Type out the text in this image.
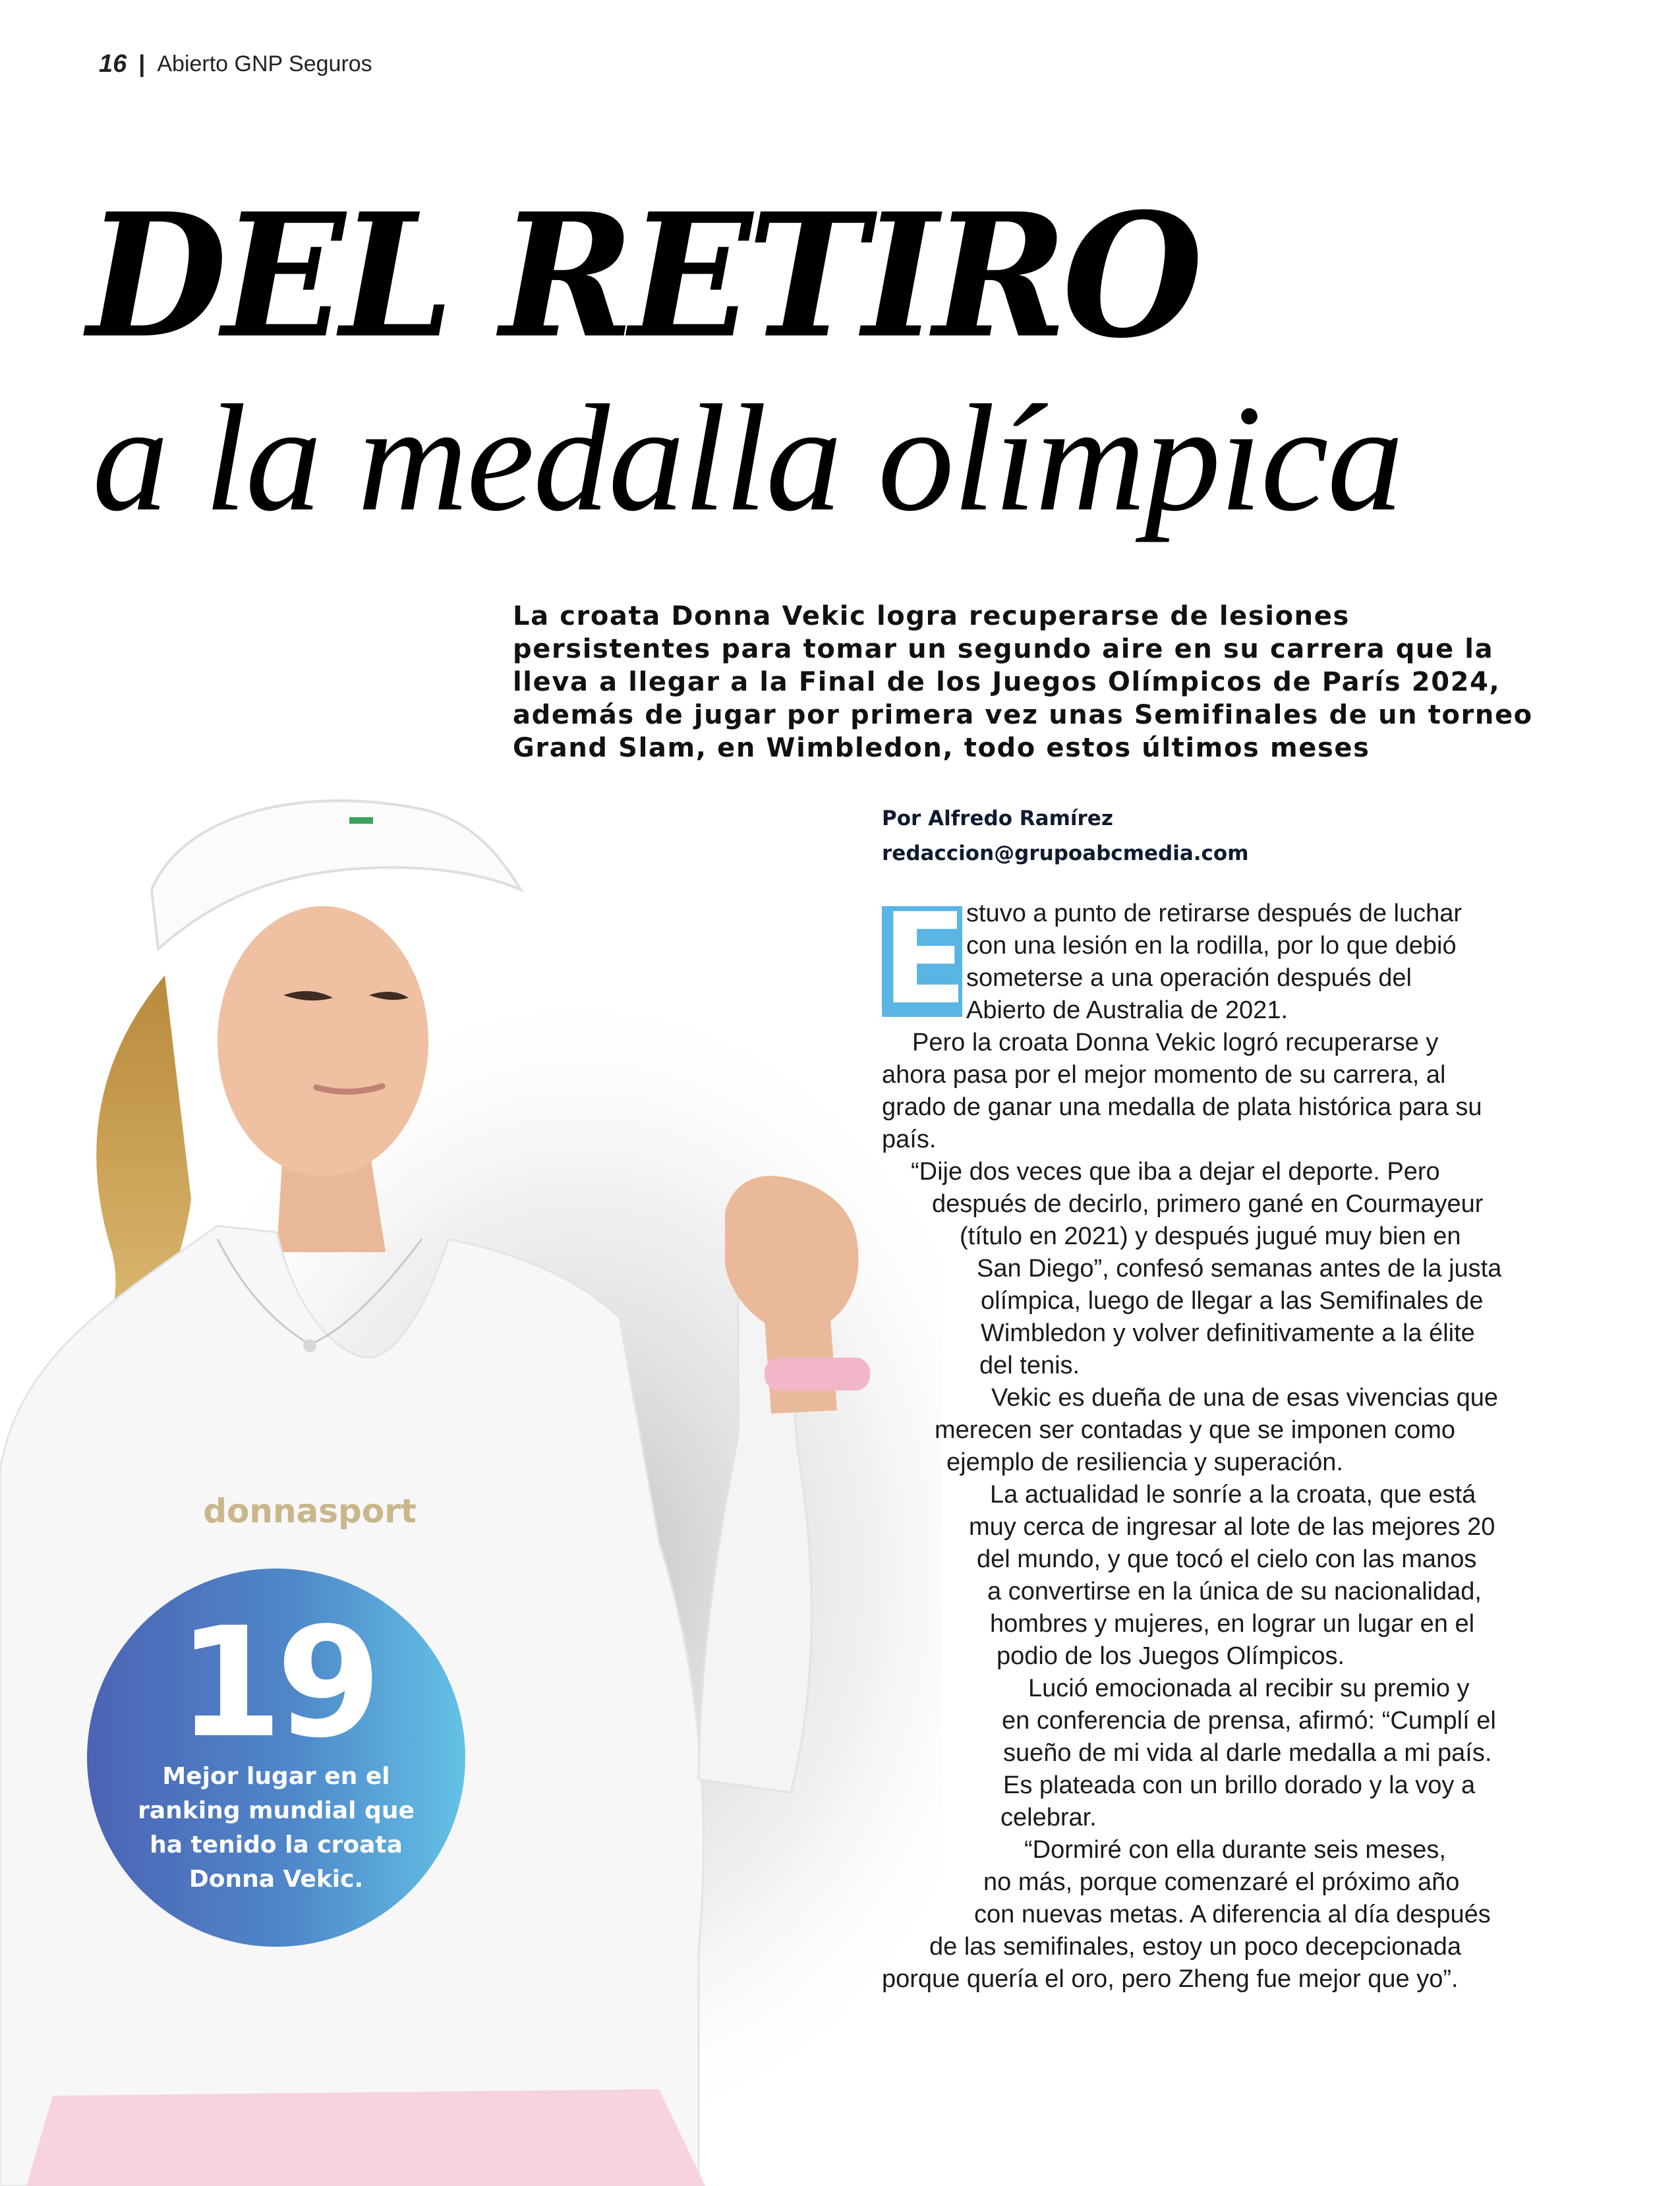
16 | Abierto GNP Seguros
DEL RETIRO
a la medalla olímpica

La croata Donna Vekic logra recuperarse de lesiones persistentes para tomar un segundo aire en su carrera que la lleva a llegar a la Final de los Juegos Olímpicos de París 2024, además de jugar por primera vez unas Semifinales de un torneo Grand Slam, en Wimbledon, todo estos últimos meses

donnasport
Por Alfredo Ramírez
redaccion@grupoabcmedia.com
E
stuvo a punto de retirarse después de luchar
con una lesión en la rodilla, por lo que debió
someterse a una operación después del
Abierto de Australia de 2021.
Pero la croata Donna Vekic logró recuperarse y
ahora pasa por el mejor momento de su carrera, al
grado de ganar una medalla de plata histórica para su
país.
“Dije dos veces que iba a dejar el deporte. Pero
después de decirlo, primero gané en Courmayeur
(título en 2021) y después jugué muy bien en
San Diego”, confesó semanas antes de la justa
olímpica, luego de llegar a las Semifinales de
Wimbledon y volver definitivamente a la élite
del tenis.
Vekic es dueña de una de esas vivencias que
merecen ser contadas y que se imponen como
ejemplo de resiliencia y superación.
La actualidad le sonríe a la croata, que está
muy cerca de ingresar al lote de las mejores 20
del mundo, y que tocó el cielo con las manos
a convertirse en la única de su nacionalidad,
hombres y mujeres, en lograr un lugar en el
podio de los Juegos Olímpicos.
Lució emocionada al recibir su premio y
en conferencia de prensa, afirmó: “Cumplí el
sueño de mi vida al darle medalla a mi país.
Es plateada con un brillo dorado y la voy a
celebrar.
“Dormiré con ella durante seis meses,
no más, porque comenzaré el próximo año
con nuevas metas. A diferencia al día después
de las semifinales, estoy un poco decepcionada
porque quería el oro, pero Zheng fue mejor que yo”.
19
Mejor lugar en el ranking mundial que ha tenido la croata Donna Vekic.
